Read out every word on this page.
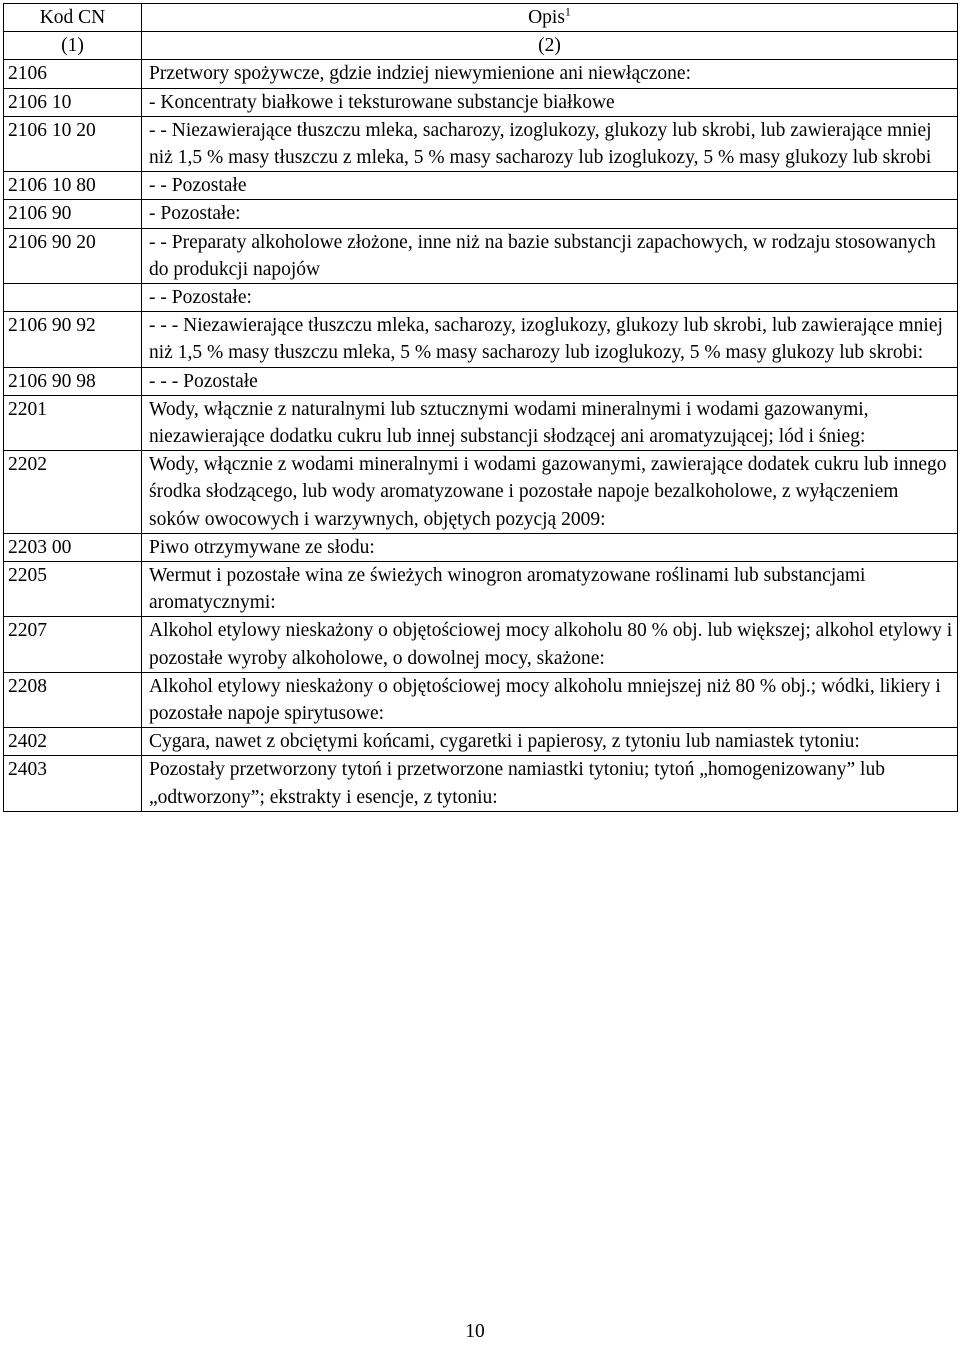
Kod CN	Opis$^1$
(1)	(2)
2106	Przetwory spożywcze, gdzie indziej niewymienione ani niewłączone:
2106 10	- Koncentraty białkowe i teksturowane substancje białkowe
2106 10 20	- - Niezawierające tłuszczu mleka, sacharozy, izoglukozy, glukozy lub skrobi, lub zawierające mniej niż 1,5 % masy tłuszczu z mleka, 5 % masy sacharozy lub izoglukozy, 5 % masy glukozy lub skrobi
2106 10 80	- - Pozostałe
2106 90	- Pozostałe:
2106 90 20	- - Preparaty alkoholowe złożone, inne niż na bazie substancji zapachowych, w rodzaju stosowanych do produkcji napojów
	- - Pozostałe:
2106 90 92	- - - Niezawierające tłuszczu mleka, sacharozy, izoglukozy, glukozy lub skrobi, lub zawierające mniej niż 1,5 % masy tłuszczu mleka, 5 % masy sacharozy lub izoglukozy, 5 % masy glukozy lub skrobi:
2106 90 98	- - - Pozostałe
2201	Wody, włącznie z naturalnymi lub sztucznymi wodami mineralnymi i wodami gazowanymi, niezawierające dodatku cukru lub innej substancji słodzącej ani aromatyzującej; lód i śnieg:
2202	Wody, włącznie z wodami mineralnymi i wodami gazowanymi, zawierające dodatek cukru lub innego środka słodzącego, lub wody aromatyzowane i pozostałe napoje bezalkoholowe, z wyłączeniem soków owocowych i warzywnych, objętych pozycją 2009:
2203 00	Piwo otrzymywane ze słodu:
2205	Wermut i pozostałe wina ze świeżych winogron aromatyzowane roślinami lub substancjami aromatycznymi:
2207	Alkohol etylowy nieskażony o objętościowej mocy alkoholu 80 % obj. lub większej; alkohol etylowy i pozostałe wyroby alkoholowe, o dowolnej mocy, skażone:
2208	Alkohol etylowy nieskażony o objętościowej mocy alkoholu mniejszej niż 80 % obj.; wódki, likiery i pozostałe napoje spirytusowe:
2402	Cygara, nawet z obciętymi końcami, cygaretki i papierosy, z tytoniu lub namiastek tytoniu:
2403	Pozostały przetworzony tytoń i przetworzone namiastki tytoniu; tytoń „homogenizowany” lub „odtworzony”; ekstrakty i esencje, z tytoniu:
10
